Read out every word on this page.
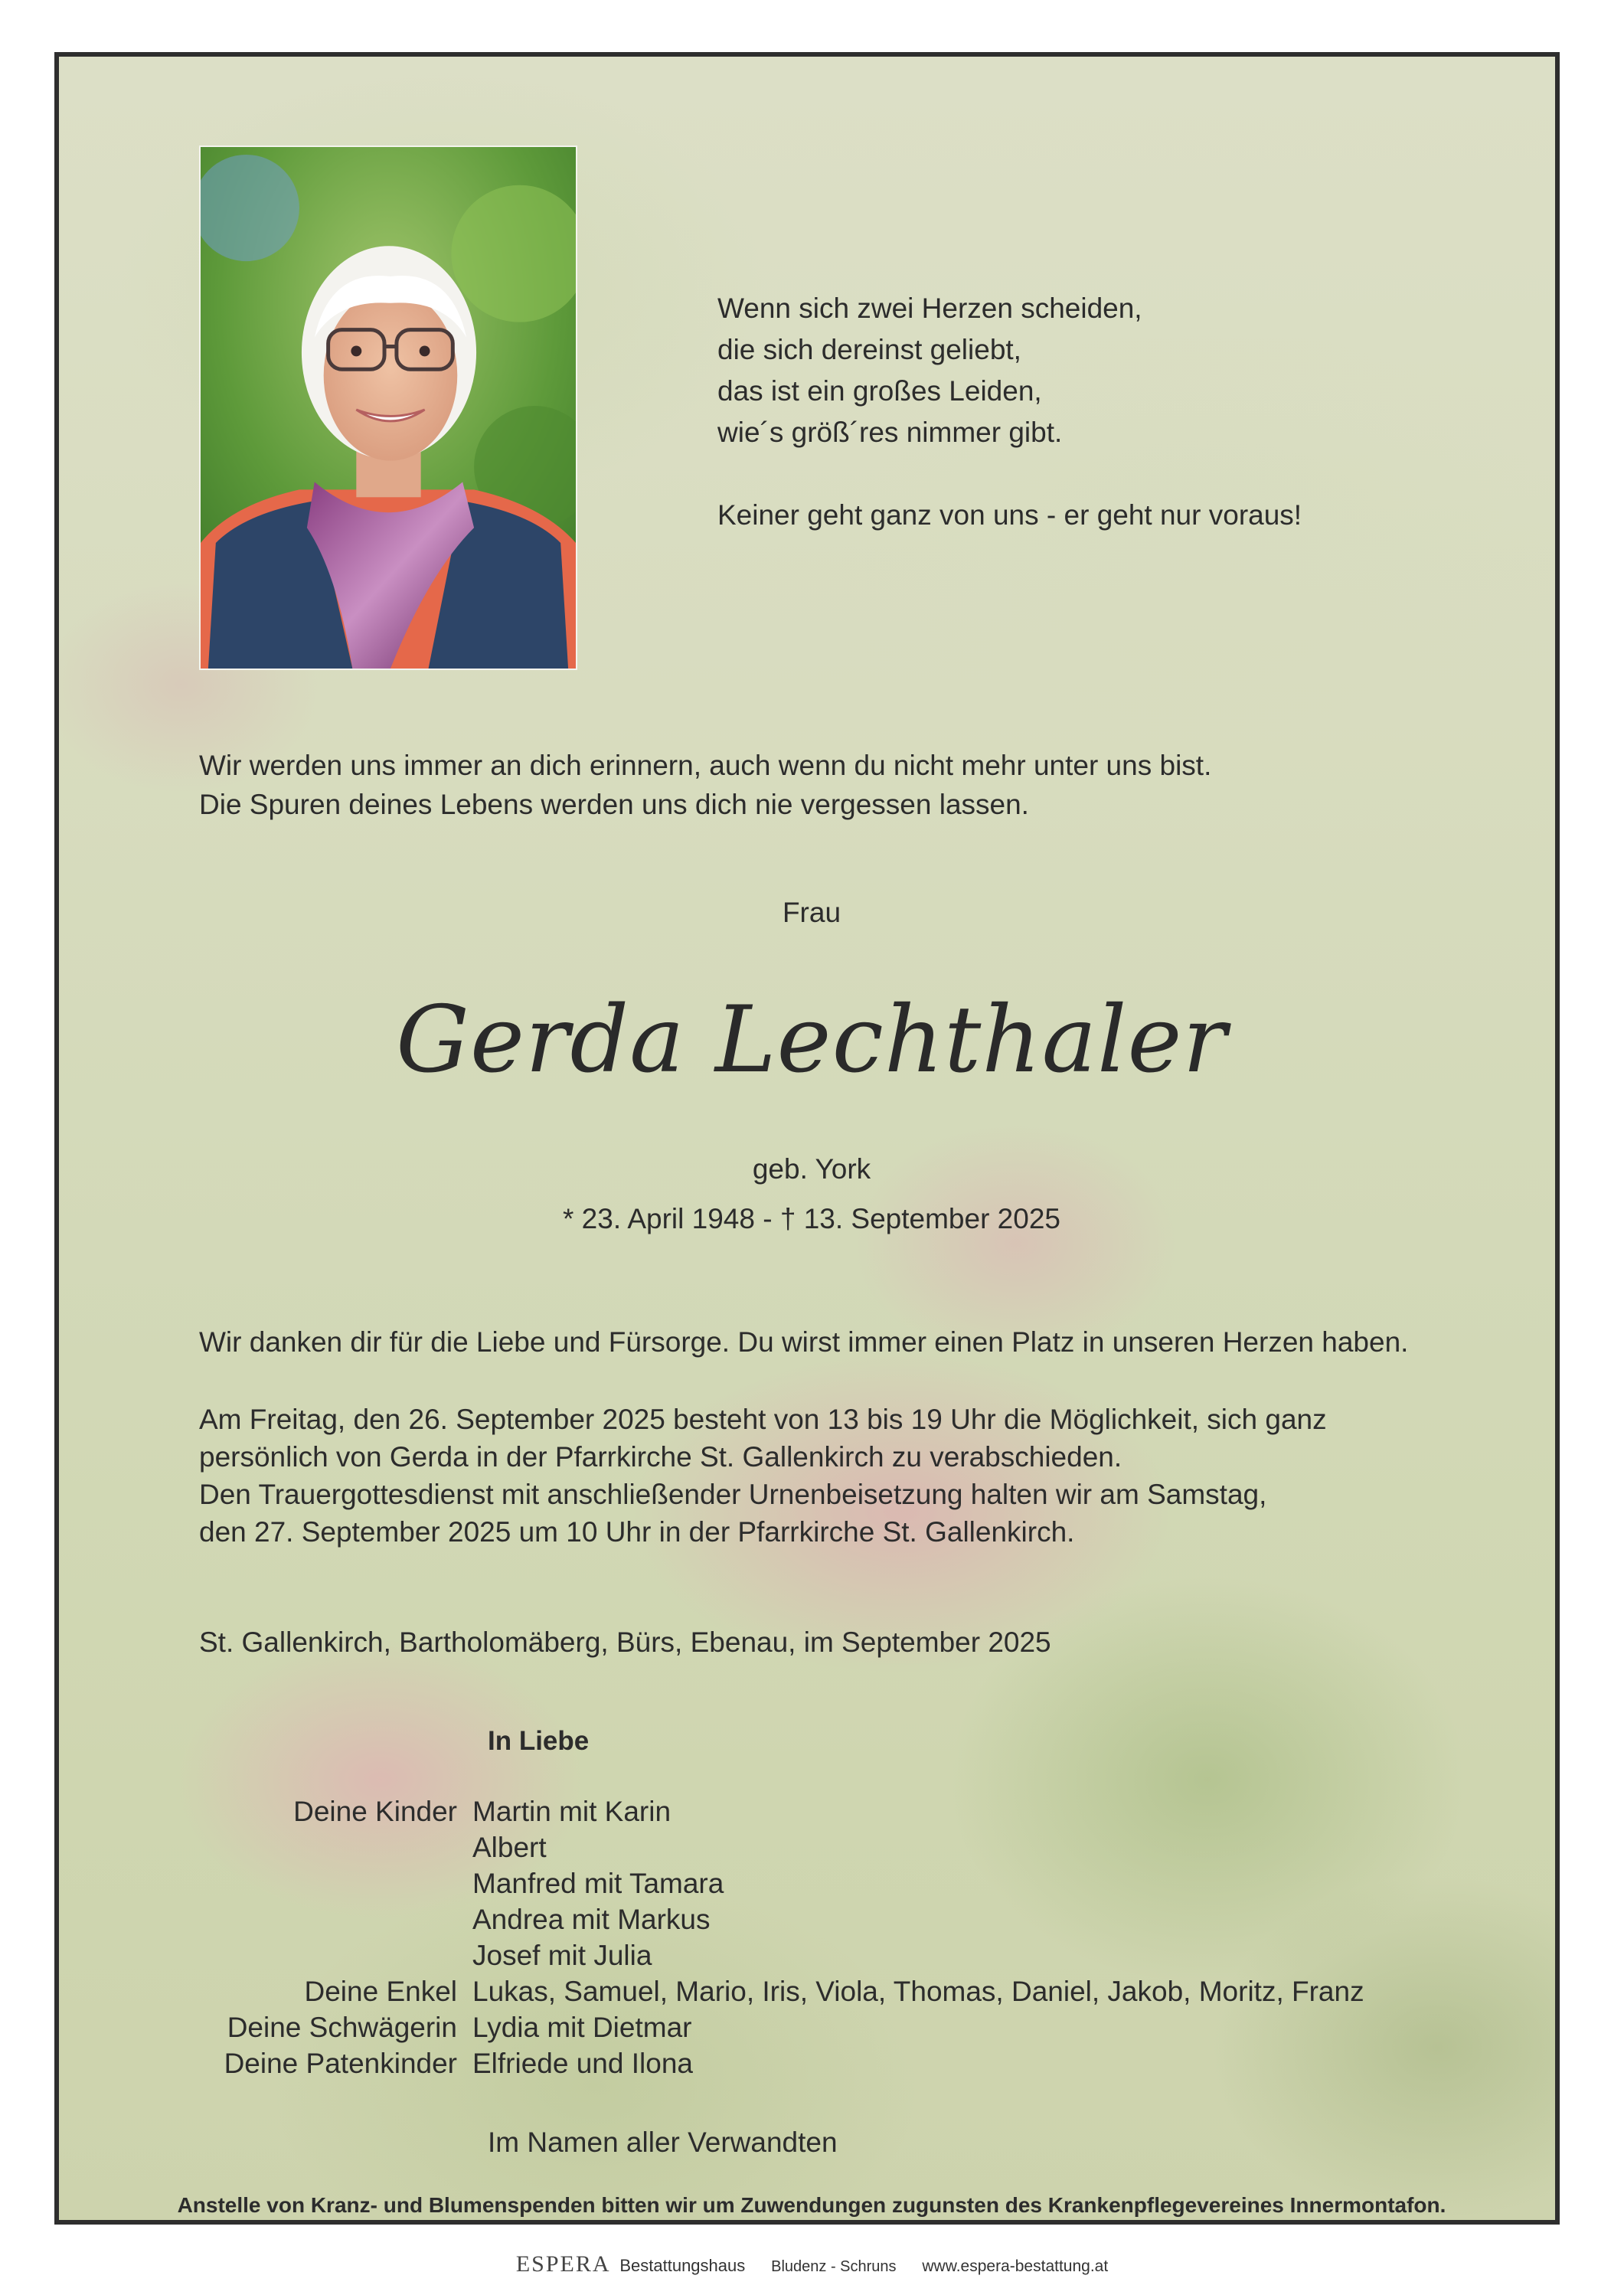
Wenn sich zwei Herzen scheiden,
die sich dereinst geliebt,
das ist ein großes Leiden,
wie´s größ´res nimmer gibt.
Keiner geht ganz von uns - er geht nur voraus!
Wir werden uns immer an dich erinnern, auch wenn du nicht mehr unter uns bist.
Die Spuren deines Lebens werden uns dich nie vergessen lassen.
Frau
Gerda Lechthaler
geb. York
* 23. April 1948 - † 13. September 2025
Wir danken dir für die Liebe und Fürsorge. Du wirst immer einen Platz in unseren Herzen haben.
Am Freitag, den 26. September 2025 besteht von 13 bis 19 Uhr die Möglichkeit, sich ganz
persönlich von Gerda in der Pfarrkirche St. Gallenkirch zu verabschieden.
Den Trauergottesdienst mit anschließender Urnenbeisetzung halten wir am Samstag,
den 27. September 2025 um 10 Uhr in der Pfarrkirche St. Gallenkirch.
St. Gallenkirch, Bartholomäberg, Bürs, Ebenau, im September 2025
In Liebe
Deine Kinder Martin mit Karin
Albert
Manfred mit Tamara
Andrea mit Markus
Josef mit Julia
Deine Enkel Lukas, Samuel, Mario, Iris, Viola, Thomas, Daniel, Jakob, Moritz, Franz
Deine Schwägerin Lydia mit Dietmar
Deine Patenkinder Elfriede und Ilona
Im Namen aller Verwandten
Anstelle von Kranz- und Blumenspenden bitten wir um Zuwendungen zugunsten des Krankenpflegevereines Innermontafon.
ESPERA Bestattungshaus Bludenz - Schruns www.espera-bestattung.at
